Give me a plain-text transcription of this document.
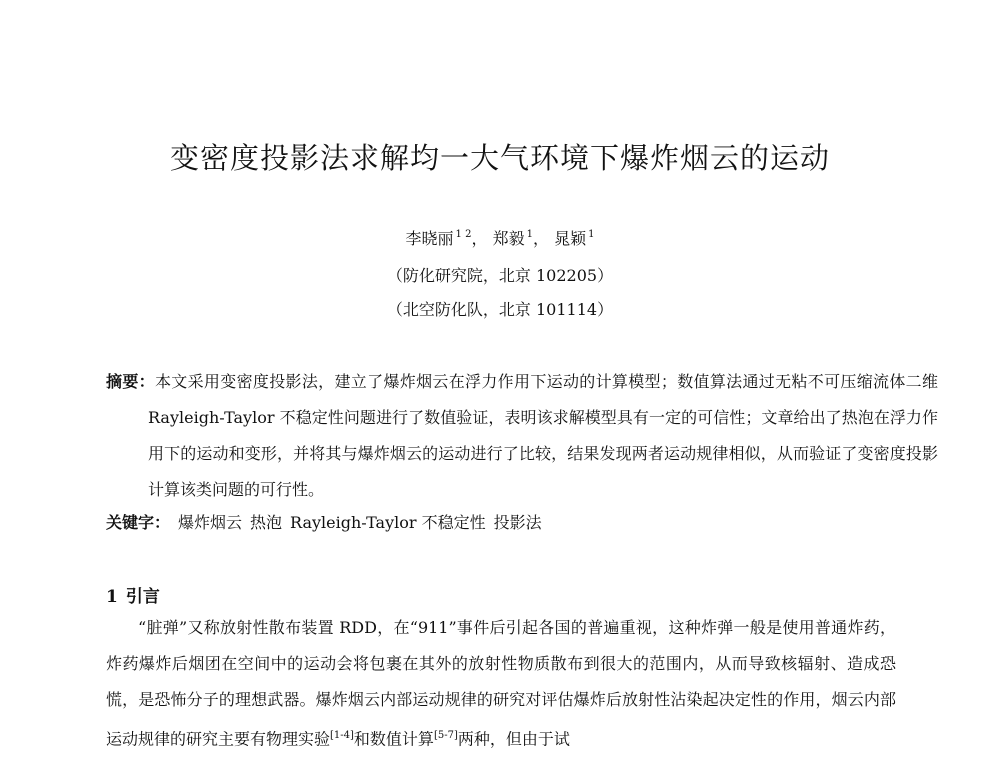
变密度投影法求解均一大气环境下爆炸烟云的运动
李晓丽 $^{1 2}$， 郑毅 $^1$， 晁颖 $^1$
（防化研究院，北京 102205）
（北空防化队，北京 101114）
摘要：本文采用变密度投影法，建立了爆炸烟云在浮力作用下运动的计算模型；数值算法通过无粘不可压缩流体二维 Rayleigh-Taylor 不稳定性问题进行了数值验证，表明该求解模型具有一定的可信性；文章给出了热泡在浮力作用下的运动和变形，并将其与爆炸烟云的运动进行了比较，结果发现两者运动规律相似，从而验证了变密度投影计算该类问题的可行性。
关键字： 爆炸烟云 热泡 Rayleigh-Taylor 不稳定性 投影法
1 引言
“脏弹”又称放射性散布装置 RDD，在“911”事件后引起各国的普遍重视，这种炸弹一般是使用普通炸药，炸药爆炸后烟团在空间中的运动会将包裹在其外的放射性物质散布到很大的范围内，从而导致核辐射、造成恐慌，是恐怖分子的理想武器。爆炸烟云内部运动规律的研究对评估爆炸后放射性沾染起决定性的作用，烟云内部运动规律的研究主要有物理实验[1-4]和数值计算[5-7]两种，但由于试
